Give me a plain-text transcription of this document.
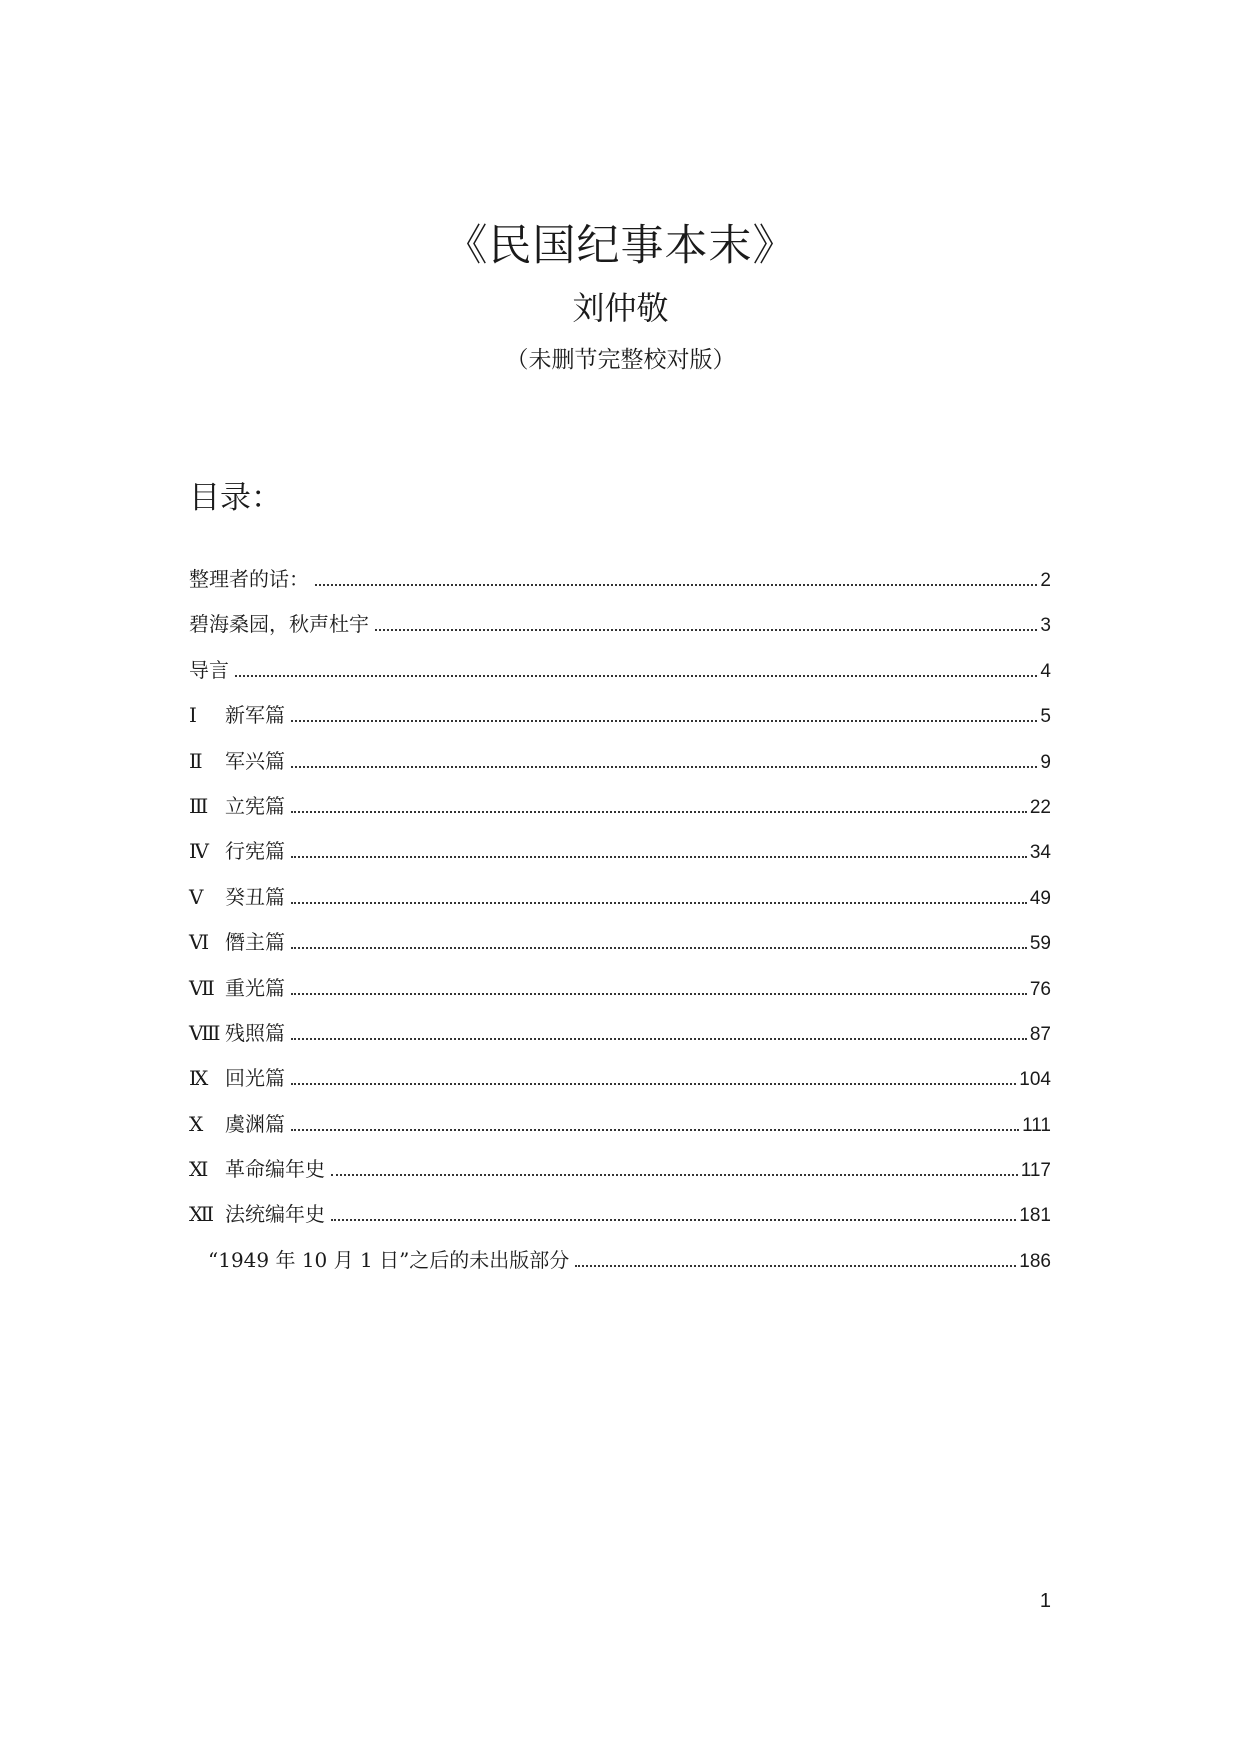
《民国纪事本末》

刘仲敬

（未删节完整校对版）

目录：
整理者的话：	2
碧海桑园，秋声杜宇	3
导言	4
Ⅰ	新军篇	5
Ⅱ	军兴篇	9
Ⅲ 立宪篇	22
Ⅳ 行宪篇	34
Ⅴ	癸丑篇	49
Ⅵ 僭主篇	59
Ⅶ 重光篇	76
Ⅷ 残照篇	87
Ⅸ 回光篇	104
Ⅹ	虞渊篇	111
Ⅺ 革命编年史	117
Ⅻ 法统编年史	181
“1949 年 10 月 1 日”之后的未出版部分	186

1
